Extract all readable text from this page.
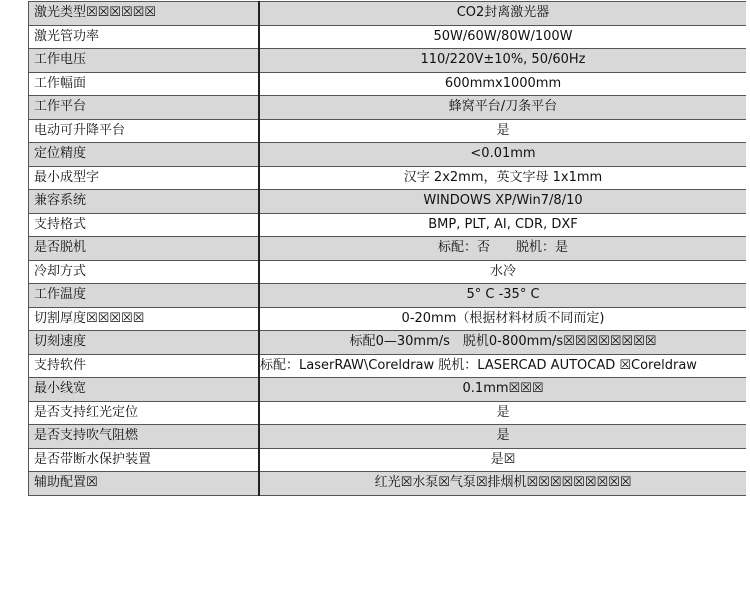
激光类型☒☒☒☒☒☒	CO2封离激光器
激光管功率	50W/60W/80W/100W
工作电压	110/220V±10%, 50/60Hz
工作幅面	600mmx1000mm
工作平台	蜂窝平台/刀条平台
电动可升降平台	是
定位精度	<0.01mm
最小成型字	汉字 2x2mm，英文字母 1x1mm
兼容系统	WINDOWS XP/Win7/8/10
支持格式	BMP, PLT, AI, CDR, DXF
是否脱机	标配：否　　脱机：是
冷却方式	水冷
工作温度	5° C -35° C
切割厚度☒☒☒☒☒	0-20mm（根据材料材质不同而定)
切刻速度	标配0—30mm/s　脱机0-800mm/s☒☒☒☒☒☒☒☒
支持软件	标配：LaserRAW\Coreldraw 脱机：LASERCAD AUTOCAD ☒Coreldraw
最小线宽	0.1mm☒☒☒
是否支持红光定位	是
是否支持吹气阻燃	是
是否带断水保护装置	是☒
辅助配置☒	红光☒水泵☒气泵☒排烟机☒☒☒☒☒☒☒☒☒
